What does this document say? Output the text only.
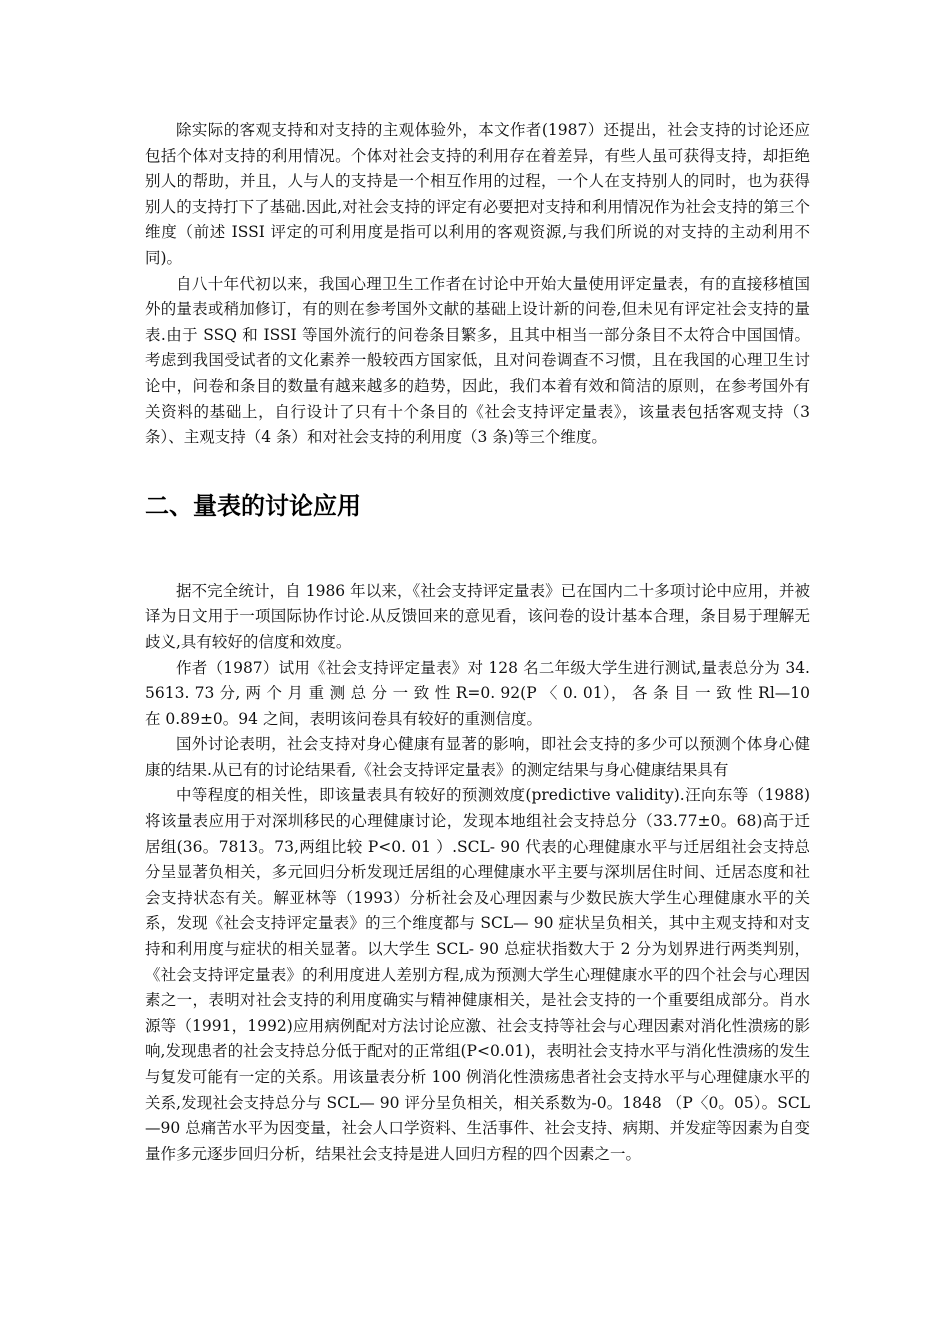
除实际的客观支持和对支持的主观体验外，本文作者(1987）还提出，社会支持的讨论还应包括个体对支持的利用情况。个体对社会支持的利用存在着差异，有些人虽可获得支持，却拒绝别人的帮助，并且，人与人的支持是一个相互作用的过程，一个人在支持别人的同时，也为获得别人的支持打下了基础.因此,对社会支持的评定有必要把对支持和利用情况作为社会支持的第三个维度（前述 ISSI 评定的可利用度是指可以利用的客观资源,与我们所说的对支持的主动利用不同)。

自八十年代初以来，我国心理卫生工作者在讨论中开始大量使用评定量表，有的直接移植国外的量表或稍加修订，有的则在参考国外文献的基础上设计新的问卷,但未见有评定社会支持的量表.由于 SSQ 和 ISSI 等国外流行的问卷条目繁多，且其中相当一部分条目不太符合中国国情。考虑到我国受试者的文化素养一般较西方国家低，且对问卷调查不习惯，且在我国的心理卫生讨论中，问卷和条目的数量有越来越多的趋势，因此，我们本着有效和简洁的原则，在参考国外有关资料的基础上，自行设计了只有十个条目的《社会支持评定量表》，该量表包括客观支持（3 条）、主观支持（4 条）和对社会支持的利用度（3 条)等三个维度。

二、量表的讨论应用

据不完全统计，自 1986 年以来，《社会支持评定量表》已在国内二十多项讨论中应用，并被译为日文用于一项国际协作讨论.从反馈回来的意见看，该问卷的设计基本合理，条目易于理解无歧义,具有较好的信度和效度。

作者（1987）试用《社会支持评定量表》对 128 名二年级大学生进行测试,量表总分为 34. 5613. 73 分, 两 个 月 重 测 总 分 一 致 性 R=0. 92(P 〈 0. 01）， 各 条 目 一 致 性 Rl—10 在 0.89±0。94 之间，表明该问卷具有较好的重测信度。

国外讨论表明，社会支持对身心健康有显著的影响，即社会支持的多少可以预测个体身心健康的结果.从已有的讨论结果看,《社会支持评定量表》的测定结果与身心健康结果具有

中等程度的相关性，即该量表具有较好的预测效度(predictive validity).汪向东等（1988)将该量表应用于对深圳移民的心理健康讨论，发现本地组社会支持总分（33.77±0。68)高于迁居组(36。7813。73,两组比较 P<0. 01 ）.SCL- 90 代表的心理健康水平与迁居组社会支持总分呈显著负相关，多元回归分析发现迁居组的心理健康水平主要与深圳居住时间、迁居态度和社会支持状态有关。解亚林等（1993）分析社会及心理因素与少数民族大学生心理健康水平的关系，发现《社会支持评定量表》的三个维度都与 SCL— 90 症状呈负相关，其中主观支持和对支持和利用度与症状的相关显著。以大学生 SCL- 90 总症状指数大于 2 分为划界进行两类判别，《社会支持评定量表》的利用度进人差别方程,成为预测大学生心理健康水平的四个社会与心理因素之一，表明对社会支持的利用度确实与精神健康相关，是社会支持的一个重要组成部分。肖水源等（1991，1992)应用病例配对方法讨论应激、社会支持等社会与心理因素对消化性溃疡的影响,发现患者的社会支持总分低于配对的正常组(P<0.01)，表明社会支持水平与消化性溃疡的发生与复发可能有一定的关系。用该量表分析 100 例消化性溃疡患者社会支持水平与心理健康水平的关系,发现社会支持总分与 SCL— 90 评分呈负相关，相关系数为-0。1848 （P〈0。05）。SCL—90 总痛苦水平为因变量，社会人口学资料、生活事件、社会支持、病期、并发症等因素为自变量作多元逐步回归分析，结果社会支持是进人回归方程的四个因素之一。
